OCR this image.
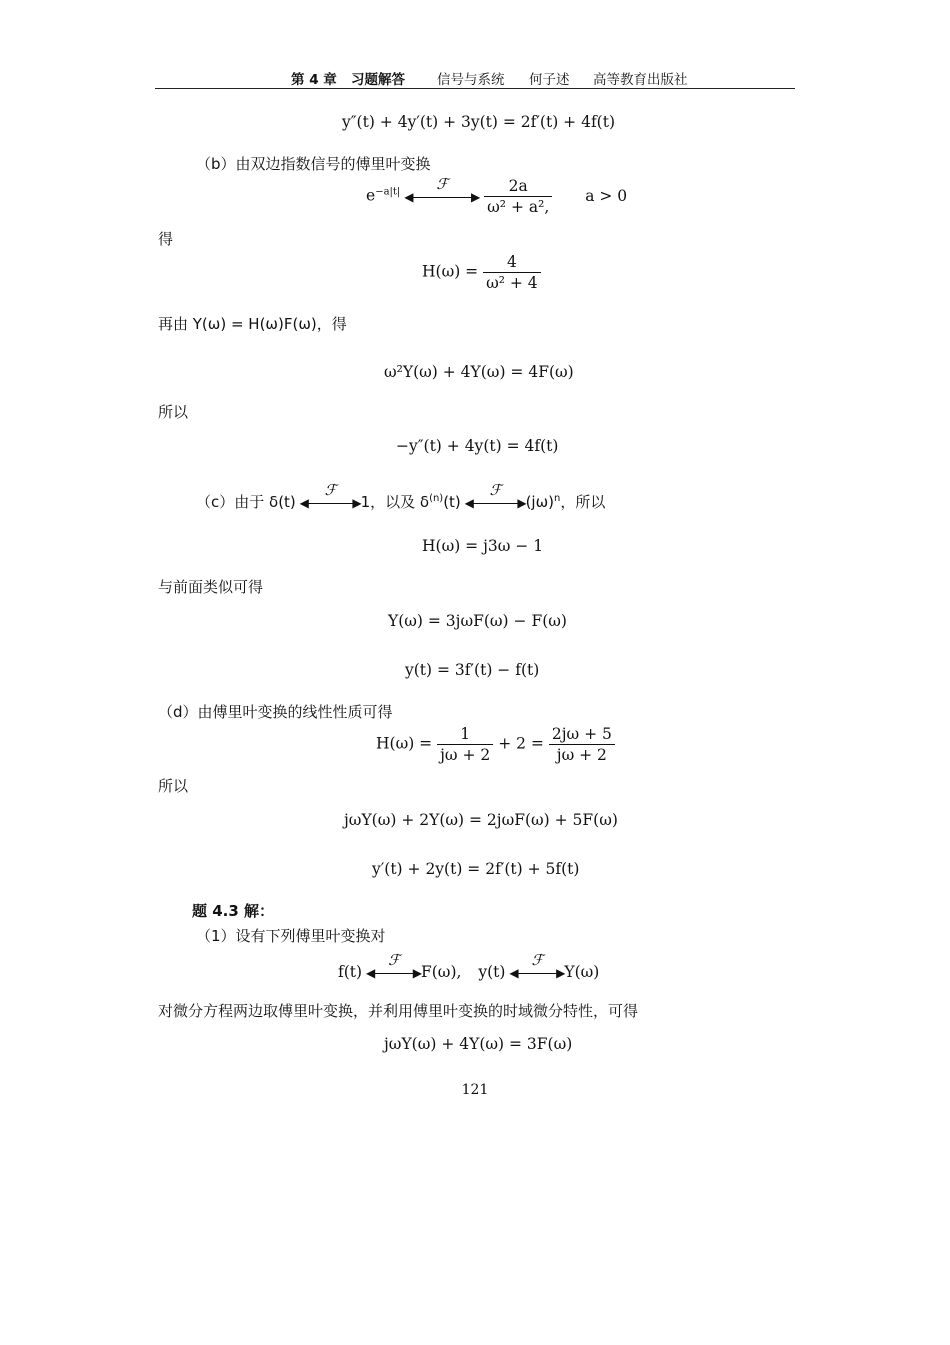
第 4 章 习题解答 信号与系统 何子述 高等教育出版社
y″(t) + 4y′(t) + 3y(t) = 2f′(t) + 4f(t)
（b）由双边指数信号的傅里叶变换
$e^{-a|t|}$	ℱ
◀	▶
$\frac{2a}{\text{ω² + a²,}}$ a > 0
得
$H(\omega) = \frac{4}{\text{ω² + 4}}$
再由 Y(ω) = H(ω)F(ω)，得
ω²Y(ω) + 4Y(ω) = 4F(ω)
所以
−y″(t) + 4y(t) = 4f(t)
（c）由于 δ(t)
ℱ
◀	▶ 1，以及 $\delta^{(n)}(t)$
ℱ
◀	▶ $(j\omega)^n$，所以
H(ω) = j3ω − 1
与前面类似可得
Y(ω) = 3jωF(ω) − F(ω)
y(t) = 3f′(t) − f(t)
（d）由傅里叶变换的线性性质可得
$H(\omega) = \frac{1}{j\omega + 2} + 2 = \frac{2j\omega + 5}{j\omega + 2}$
所以
jωY(ω) + 2Y(ω) = 2jωF(ω) + 5F(ω)
y′(t) + 2y(t) = 2f′(t) + 5f(t)
题 4.3 解：
（1）设有下列傅里叶变换对
f(t)
ℱ
◀	▶ F(ω), y(t)
ℱ
◀	▶ Y(ω)
对微分方程两边取傅里叶变换，并利用傅里叶变换的时域微分特性，可得
jωY(ω) + 4Y(ω) = 3F(ω)
121
